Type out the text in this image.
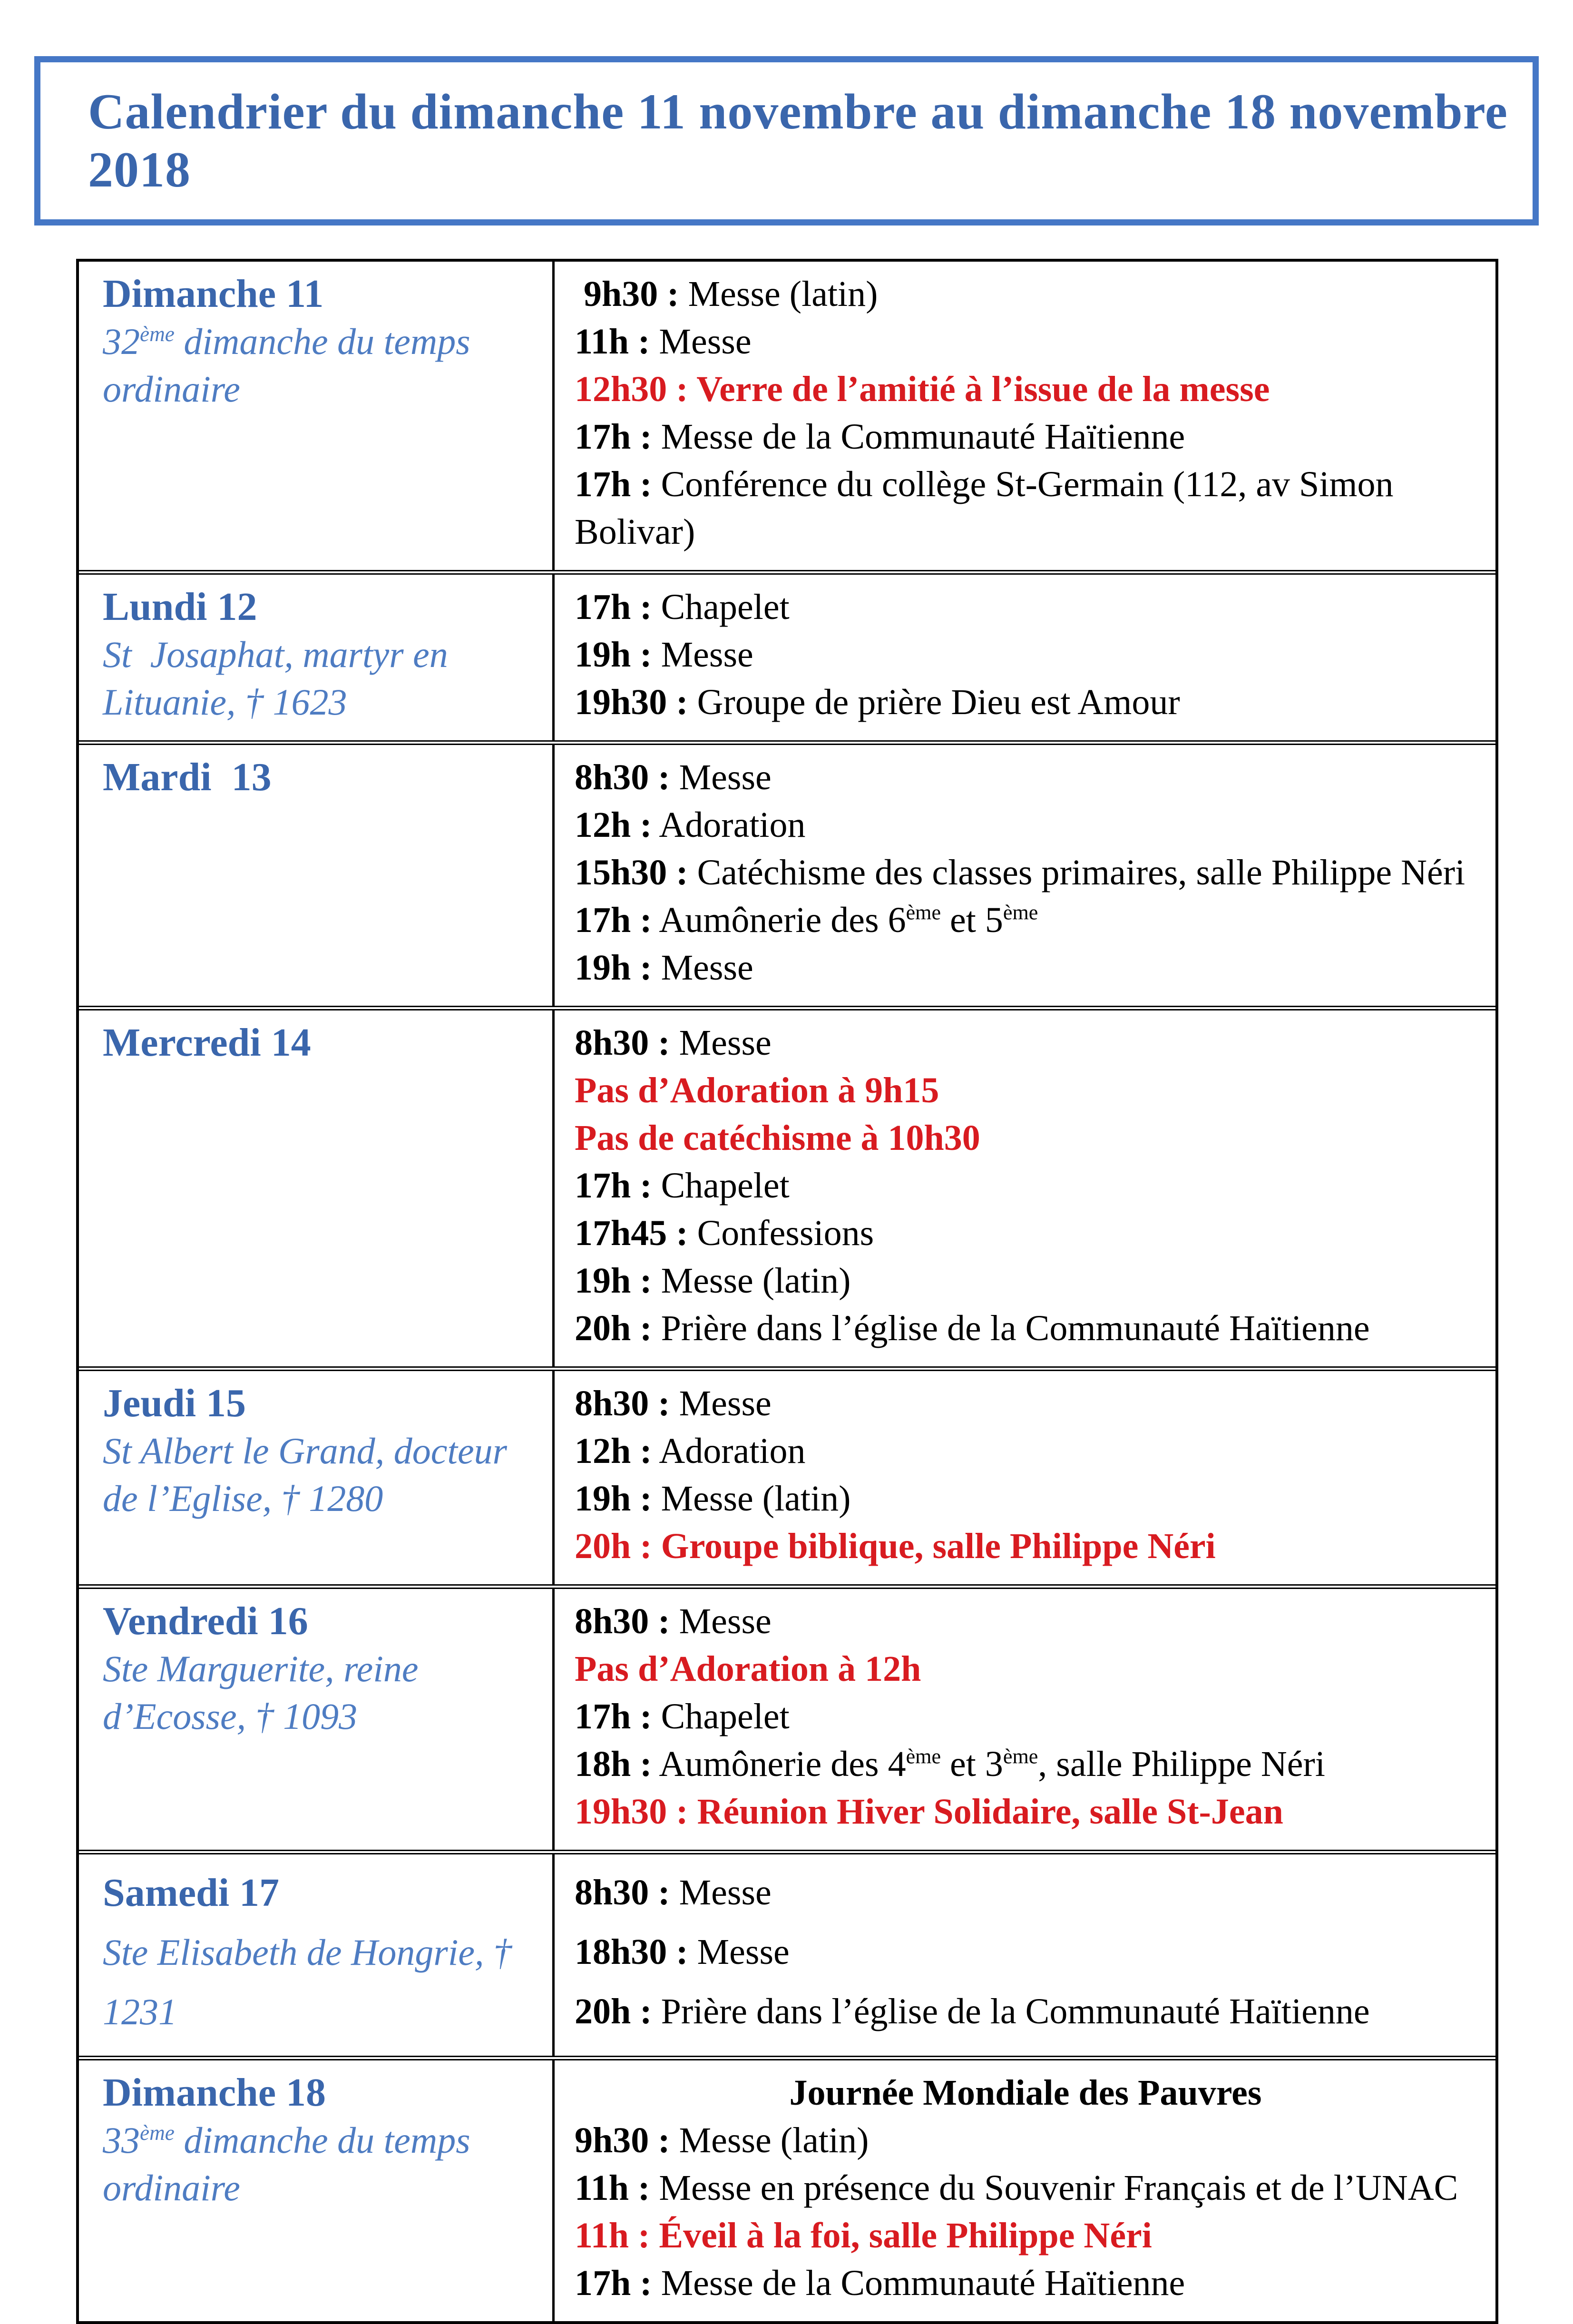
Calendrier du dimanche 11 novembre au dimanche 18 novembre 2018
Dimanche 11
32ème dimanche du temps ordinaire
9h30 : Messe (latin)
11h : Messe
12h30 : Verre de l’amitié à l’issue de la messe
17h : Messe de la Communauté Haïtienne
17h : Conférence du collège St-Germain (112, av Simon Bolivar)
Lundi 12
St  Josaphat, martyr en Lituanie, † 1623
17h : Chapelet
19h : Messe
19h30 : Groupe de prière Dieu est Amour
Mardi  13	8h30 : Messe
12h : Adoration
15h30 : Catéchisme des classes primaires, salle Philippe Néri
17h : Aumônerie des 6ème et 5ème
19h : Messe
Mercredi 14	8h30 : Messe
Pas d’Adoration à 9h15
Pas de catéchisme à 10h30
17h : Chapelet
17h45 : Confessions
19h : Messe (latin)
20h : Prière dans l’église de la Communauté Haïtienne
Jeudi 15
St Albert le Grand, docteur de l’Eglise, † 1280
8h30 : Messe
12h : Adoration
19h : Messe (latin)
20h : Groupe biblique, salle Philippe Néri
Vendredi 16
Ste Marguerite, reine d’Ecosse, † 1093
8h30 : Messe
Pas d’Adoration à 12h
17h : Chapelet
18h : Aumônerie des 4ème et 3ème, salle Philippe Néri
19h30 : Réunion Hiver Solidaire, salle St-Jean
Samedi 17
Ste Elisabeth de Hongrie, † 1231
8h30 : Messe
18h30 : Messe
20h : Prière dans l’église de la Communauté Haïtienne
Dimanche 18
33ème dimanche du temps ordinaire
Journée Mondiale des Pauvres
9h30 : Messe (latin)
11h : Messe en présence du Souvenir Français et de l’UNAC
11h : Éveil à la foi, salle Philippe Néri
17h : Messe de la Communauté Haïtienne
